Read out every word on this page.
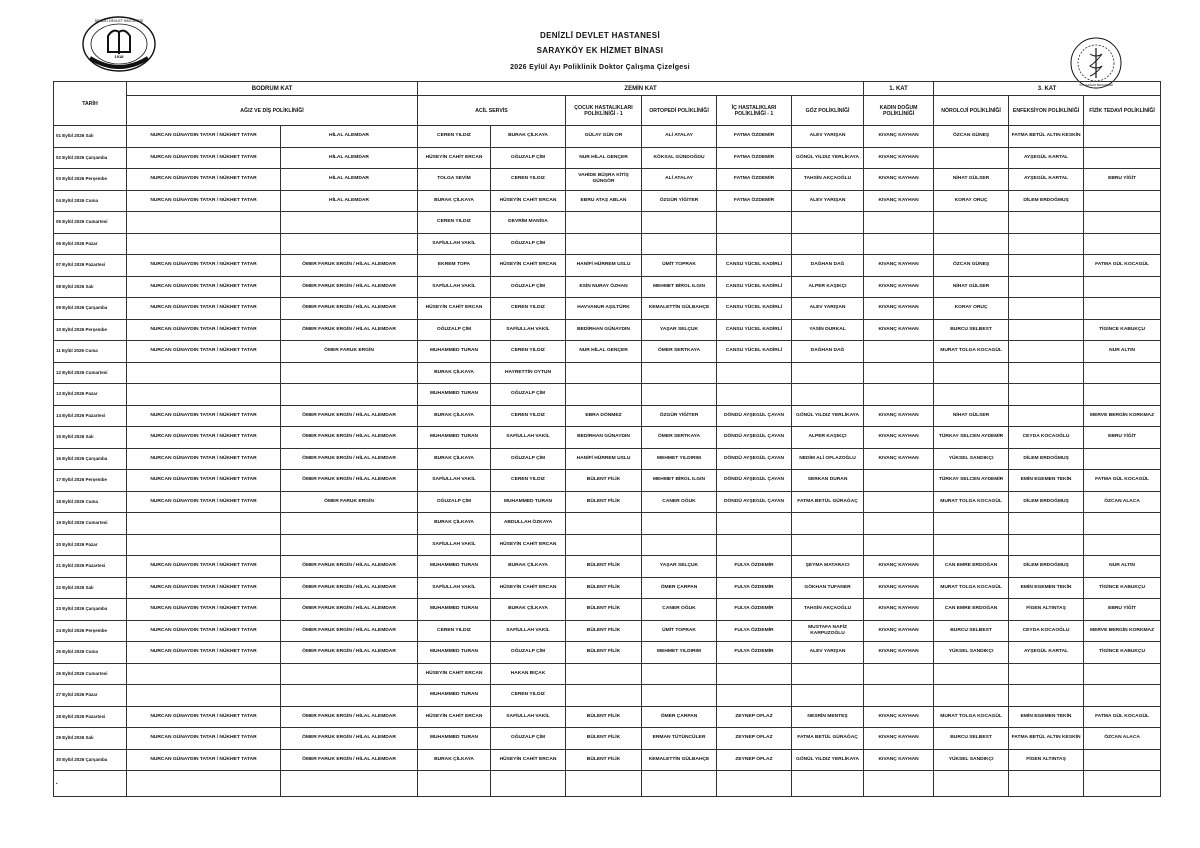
1918
DENİZLİ DEVLET HASTANESİ
T.C. SAĞLIK BAKANLIĞI
DENİZLİ DEVLET HASTANESİ
SARAYKÖY EK HİZMET BİNASI
2026 Eylül Ayı Poliklinik Doktor Çalışma Çizelgesi
TARİH	BODRUM KAT		ZEMİN KAT						1. KAT	3. KAT		
	AĞIZ VE DİŞ POLİKLİNİĞİ		ACİL SERVİS		ÇOCUK HASTALIKLARI POLİKLİNİĞİ - 1	ORTOPEDİ POLİKLİNİĞİ	İÇ HASTALIKLARI POLİKLİNİĞİ - 1	GÖZ POLİKLİNİĞİ	KADIN DOĞUM POLİKLİNİĞİ	NÖROLOJİ POLİKLİNİĞİ	ENFEKSİYON POLİKLİNİĞİ	FİZİK TEDAVİ POLİKLİNİĞİ
01 Eylül 2026 Salı	NURCAN GÜNAYDIN TATAR / NÜKHET TATAR	HİLAL ALEMDAR	CEREN YILDIZ	BURAK ÇİLKAYA	GÜLAY GÜN OR	ALİ ATALAY	FATMA ÖZDEMİR	ALEV YARIŞAN	KIVANÇ KAYHAN	ÖZCAN GÜNEŞ	FATMA BETÜL ALTIN KESKİN	
02 Eylül 2026 Çarşamba	NURCAN GÜNAYDIN TATAR / NÜKHET TATAR	HİLAL ALEMDAR	HÜSEYİN CAHİT ERCAN	OĞUZALP ÇİM	NUR HİLAL GENÇER	KÖKSAL GÜNDOĞDU	FATMA ÖZDEMİR	GÖNÜL YILDIZ YERLİKAYA	KIVANÇ KAYHAN		AYŞEGÜL KARTAL	
03 Eylül 2026 Perşembe	NURCAN GÜNAYDIN TATAR / NÜKHET TATAR	HİLAL ALEMDAR	TOLGA SEVİM	CEREN YILDIZ	VAHİDE BÜŞRA KİTİŞ GÜNGÖR	ALİ ATALAY	FATMA ÖZDEMİR	TAHSİN AKÇAOĞLU	KIVANÇ KAYHAN	NİHAT GÜLSER	AYŞEGÜL KARTAL	EBRU YİĞİT
04 Eylül 2026 Cuma	NURCAN GÜNAYDIN TATAR / NÜKHET TATAR	HİLAL ALEMDAR	BURAK ÇİLKAYA	HÜSEYİN CAHİT ERCAN	EBRU ATAŞ ABLAN	ÖZGÜR YİĞİTER	FATMA ÖZDEMİR	ALEV YARIŞAN	KIVANÇ KAYHAN	KORAY ORUÇ	DİLEM ERDOĞMUŞ	
05 Eylül 2026 Cumartesi			CEREN YILDIZ	DEVRİM MANİSA								
06 Eylül 2026 Pazar			SAFİULLAH VAKİL	OĞUZALP ÇİM								
07 Eylül 2026 Pazartesi	NURCAN GÜNAYDIN TATAR / NÜKHET TATAR	ÖMER FARUK ERGİN / HİLAL ALEMDAR	EKREM TOPA	HÜSEYİN CAHİT ERCAN	HANİFİ HÜRREM USLU	ÜMİT TOPRAK	CANSU YÜCEL KADİRLİ	DAĞHAN DAĞ	KIVANÇ KAYHAN	ÖZCAN GÜNEŞ		FATMA GÜL KOCAGÜL
08 Eylül 2026 Salı	NURCAN GÜNAYDIN TATAR / NÜKHET TATAR	ÖMER FARUK ERGİN / HİLAL ALEMDAR	SAFİULLAH VAKİL	OĞUZALP ÇİM	ESİN NURAY ÖZHAN	MEHMET BİROL ILGIN	CANSU YÜCEL KADİRLİ	ALPER KAŞIKÇI	KIVANÇ KAYHAN	NİHAT GÜLSER		
09 Eylül 2026 Çarşamba	NURCAN GÜNAYDIN TATAR / NÜKHET TATAR	ÖMER FARUK ERGİN / HİLAL ALEMDAR	HÜSEYİN CAHİT ERCAN	CEREN YILDIZ	HAVVANUR AŞILTÜRK	KEMALETTİN GÜLBAHÇE	CANSU YÜCEL KADİRLİ	ALEV YARIŞAN	KIVANÇ KAYHAN	KORAY ORUÇ		
10 Eylül 2026 Perşembe	NURCAN GÜNAYDIN TATAR / NÜKHET TATAR	ÖMER FARUK ERGİN / HİLAL ALEMDAR	OĞUZALP ÇİM	SAFİULLAH VAKİL	BEDİRHAN GÜNAYDIN	YAŞAR SELÇUK	CANSU YÜCEL KADİRLİ	YASİN DURKAL	KIVANÇ KAYHAN	BURCU SELBEST		TİGİNCE KABUKÇU
11 Eylül 2026 Cuma	NURCAN GÜNAYDIN TATAR / NÜKHET TATAR	ÖMER FARUK ERGİN	MUHAMMED TURAN	CEREN YILDIZ	NUR HİLAL GENÇER	ÖMER SERTKAYA	CANSU YÜCEL KADİRLİ	DAĞHAN DAĞ		MURAT TOLGA KOCAGÜL		NUR ALTIN
12 Eylül 2026 Cumartesi			BURAK ÇİLKAYA	HAYRETTİN OYTUN								
13 Eylül 2026 Pazar			MUHAMMED TURAN	OĞUZALP ÇİM								
14 Eylül 2026 Pazartesi	NURCAN GÜNAYDIN TATAR / NÜKHET TATAR	ÖMER FARUK ERGİN / HİLAL ALEMDAR	BURAK ÇİLKAYA	CEREN YILDIZ	EBRA DÖNMEZ	ÖZGÜR YİĞİTER	DÖNDÜ AYŞEGÜL ÇAYAN	GÖNÜL YILDIZ YERLİKAYA	KIVANÇ KAYHAN	NİHAT GÜLSER		MERVE BERGİN KORKMAZ
15 Eylül 2026 Salı	NURCAN GÜNAYDIN TATAR / NÜKHET TATAR	ÖMER FARUK ERGİN / HİLAL ALEMDAR	MUHAMMED TURAN	SAFİULLAH VAKİL	BEDİRHAN GÜNAYDIN	ÖMER SERTKAYA	DÖNDÜ AYŞEGÜL ÇAYAN	ALPER KAŞIKÇI	KIVANÇ KAYHAN	TÜRKAY SELCEN AYDEMİR	CEYDA KOCAOĞLU	EBRU YİĞİT
16 Eylül 2026 Çarşamba	NURCAN GÜNAYDIN TATAR / NÜKHET TATAR	ÖMER FARUK ERGİN / HİLAL ALEMDAR	BURAK ÇİLKAYA	OĞUZALP ÇİM	HANİFİ HÜRREM USLU	MEHMET YILDIRIM	DÖNDÜ AYŞEGÜL ÇAYAN	NEDİM ALİ OFLAZOĞLU	KIVANÇ KAYHAN	YÜKSEL SANDIKÇI	DİLEM ERDOĞMUŞ	
17 Eylül 2026 Perşembe	NURCAN GÜNAYDIN TATAR / NÜKHET TATAR	ÖMER FARUK ERGİN / HİLAL ALEMDAR	SAFİULLAH VAKİL	CEREN YILDIZ	BÜLENT FİLİK	MEHMET BİROL ILGIN	DÖNDÜ AYŞEGÜL ÇAYAN	SERKAN DURAN		TÜRKAY SELCEN AYDEMİR	EMİN EGEMEN TEKİN	FATMA GÜL KOCAGÜL
18 Eylül 2026 Cuma	NURCAN GÜNAYDIN TATAR / NÜKHET TATAR	ÖMER FARUK ERGİN	OĞUZALP ÇİM	MUHAMMED TURAN	BÜLENT FİLİK	CANER OĞUK	DÖNDÜ AYŞEGÜL ÇAYAN	FATMA BETÜL GÜRAĞAÇ		MURAT TOLGA KOCAGÜL	DİLEM ERDOĞMUŞ	ÖZCAN ALACA
19 Eylül 2026 Cumartesi			BURAK ÇİLKAYA	ABDULLAH ÖZKAYA								
20 Eylül 2026 Pazar			SAFİULLAH VAKİL	HÜSEYİN CAHİT ERCAN								
21 Eylül 2026 Pazartesi	NURCAN GÜNAYDIN TATAR / NÜKHET TATAR	ÖMER FARUK ERGİN / HİLAL ALEMDAR	MUHAMMED TURAN	BURAK ÇİLKAYA	BÜLENT FİLİK	YAŞAR SELÇUK	FULYA ÖZDEMİR	ŞEYMA MATARACI	KIVANÇ KAYHAN	CAN EMRE ERDOĞAN	DİLEM ERDOĞMUŞ	NUR ALTIN
22 Eylül 2026 Salı	NURCAN GÜNAYDIN TATAR / NÜKHET TATAR	ÖMER FARUK ERGİN / HİLAL ALEMDAR	SAFİULLAH VAKİL	HÜSEYİN CAHİT ERCAN	BÜLENT FİLİK	ÖMER ÇARPAN	FULYA ÖZDEMİR	GÖKHAN TUFANER	KIVANÇ KAYHAN	MURAT TOLGA KOCAGÜL	EMİN EGEMEN TEKİN	TİGİNCE KABUKÇU
23 Eylül 2026 Çarşamba	NURCAN GÜNAYDIN TATAR / NÜKHET TATAR	ÖMER FARUK ERGİN / HİLAL ALEMDAR	MUHAMMED TURAN	BURAK ÇİLKAYA	BÜLENT FİLİK	CANER OĞUK	FULYA ÖZDEMİR	TAHSİN AKÇAOĞLU	KIVANÇ KAYHAN	CAN EMRE ERDOĞAN	FİGEN ALTINTAŞ	EBRU YİĞİT
24 Eylül 2026 Perşembe	NURCAN GÜNAYDIN TATAR / NÜKHET TATAR	ÖMER FARUK ERGİN / HİLAL ALEMDAR	CEREN YILDIZ	SAFİULLAH VAKİL	BÜLENT FİLİK	ÜMİT TOPRAK	FULYA ÖZDEMİR	MUSTAFA NAFİZ KARPUZOĞLU	KIVANÇ KAYHAN	BURCU SELBEST	CEYDA KOCAOĞLU	MERVE BERGİN KORKMAZ
25 Eylül 2026 Cuma	NURCAN GÜNAYDIN TATAR / NÜKHET TATAR	ÖMER FARUK ERGİN / HİLAL ALEMDAR	MUHAMMED TURAN	OĞUZALP ÇİM	BÜLENT FİLİK	MEHMET YILDIRIM	FULYA ÖZDEMİR	ALEV YARIŞAN	KIVANÇ KAYHAN	YÜKSEL SANDIKÇI	AYŞEGÜL KARTAL	TİGİNCE KABUKÇU
26 Eylül 2026 Cumartesi			HÜSEYİN CAHİT ERCAN	HAKAN BIÇAK								
27 Eylül 2026 Pazar			MUHAMMED TURAN	CEREN YILDIZ								
28 Eylül 2026 Pazartesi	NURCAN GÜNAYDIN TATAR / NÜKHET TATAR	ÖMER FARUK ERGİN / HİLAL ALEMDAR	HÜSEYİN CAHİT ERCAN	SAFİULLAH VAKİL	BÜLENT FİLİK	ÖMER ÇARPAN	ZEYNEP OFLAZ	NESRİN MENTEŞ	KIVANÇ KAYHAN	MURAT TOLGA KOCAGÜL	EMİN EGEMEN TEKİN	FATMA GÜL KOCAGÜL
29 Eylül 2026 Salı	NURCAN GÜNAYDIN TATAR / NÜKHET TATAR	ÖMER FARUK ERGİN / HİLAL ALEMDAR	MUHAMMED TURAN	OĞUZALP ÇİM	BÜLENT FİLİK	ERMAN TÜTÜNCÜLER	ZEYNEP OFLAZ	FATMA BETÜL GÜRAĞAÇ	KIVANÇ KAYHAN	BURCU SELBEST	FATMA BETÜL ALTIN KESKİN	ÖZCAN ALACA
30 Eylül 2026 Çarşamba	NURCAN GÜNAYDIN TATAR / NÜKHET TATAR	ÖMER FARUK ERGİN / HİLAL ALEMDAR	BURAK ÇİLKAYA	HÜSEYİN CAHİT ERCAN	BÜLENT FİLİK	KEMALETTİN GÜLBAHÇE	ZEYNEP OFLAZ	GÖNÜL YILDIZ YERLİKAYA	KIVANÇ KAYHAN	YÜKSEL SANDIKÇI	FİGEN ALTINTAŞ	
•												
